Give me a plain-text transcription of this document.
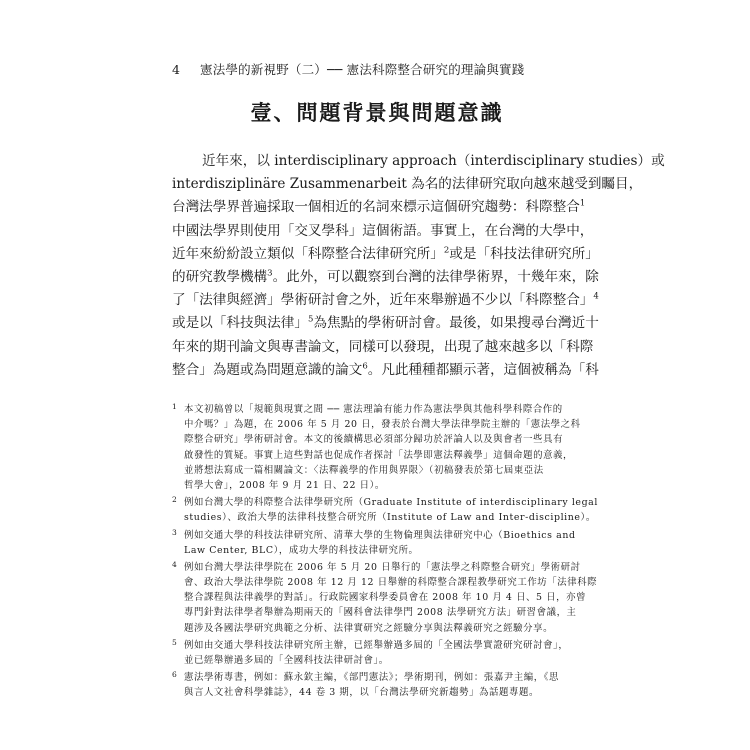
4 憲法學的新視野（二）── 憲法科際整合研究的理論與實踐
壹、問題背景與問題意識
近年來，以 interdisciplinary approach（interdisciplinary studies）或
interdisziplinäre Zusammenarbeit 為名的法律研究取向越來越受到矚目，
台灣法學界普遍採取一個相近的名詞來標示這個研究趨勢：科際整合$^1$
中國法學界則使用「交叉學科」這個術語。事實上，在台灣的大學中，
近年來紛紛設立類似「科際整合法律研究所」$^2$或是「科技法律研究所」
的研究教學機構$^3$。此外，可以觀察到台灣的法律學術界，十幾年來，除
了「法律與經濟」學術研討會之外，近年來舉辦過不少以「科際整合」$^4$
或是以「科技與法律」$^5$為焦點的學術研討會。最後，如果搜尋台灣近十
年來的期刊論文與專書論文，同樣可以發現，出現了越來越多以「科際
整合」為題或為問題意識的論文$^6$。凡此種種都顯示著，這個被稱為「科
1 本文初稿曾以「規範與現實之間 ── 憲法理論有能力作為憲法學與其他科學科際合作的
中介嗎？」為題，在 2006 年 5 月 20 日，發表於台灣大學法律學院主辦的「憲法學之科
際整合研究」學術研討會。本文的後續構思必須部分歸功於評論人以及與會者一些具有
啟發性的質疑。事實上這些對話也促成作者探討「法學即憲法釋義學」這個命題的意義，
並將想法寫成一篇相關論文：〈法釋義學的作用與界限〉（初稿發表於第七屆東亞法
哲學大會」，2008 年 9 月 21 日、22 日）。
2 例如台灣大學的科際整合法律學研究所（Graduate Institute of interdisciplinary legal
studies）、政治大學的法律科技整合研究所（Institute of Law and Inter-discipline）。
3 例如交通大學的科技法律研究所、清華大學的生物倫理與法律研究中心（Bioethics and
Law Center, BLC），成功大學的科技法律研究所。
4 例如台灣大學法律學院在 2006 年 5 月 20 日舉行的「憲法學之科際整合研究」學術研討
會、政治大學法律學院 2008 年 12 月 12 日舉辦的科際整合課程教學研究工作坊「法律科際
整合課程與法律義學的對話」。行政院國家科學委員會在 2008 年 10 月 4 日、5 日，亦曾
專門針對法律學者舉辦為期兩天的「國科會法律學門 2008 法學研究方法」研習會議，主
題涉及各國法學研究典範之分析、法律實研究之經驗分享與法釋義研究之經驗分享。
5 例如由交通大學科技法律研究所主辦，已經舉辦過多屆的「全國法學實證研究研討會」，
並已經舉辦過多屆的「全國科技法律研討會」。
6 憲法學術專書，例如：蘇永欽主編，《部門憲法》；學術期刊，例如：張嘉尹主編，《思
與言人文社會科學雜誌》，44 卷 3 期，以「台灣法學研究新趨勢」為話題專題。
